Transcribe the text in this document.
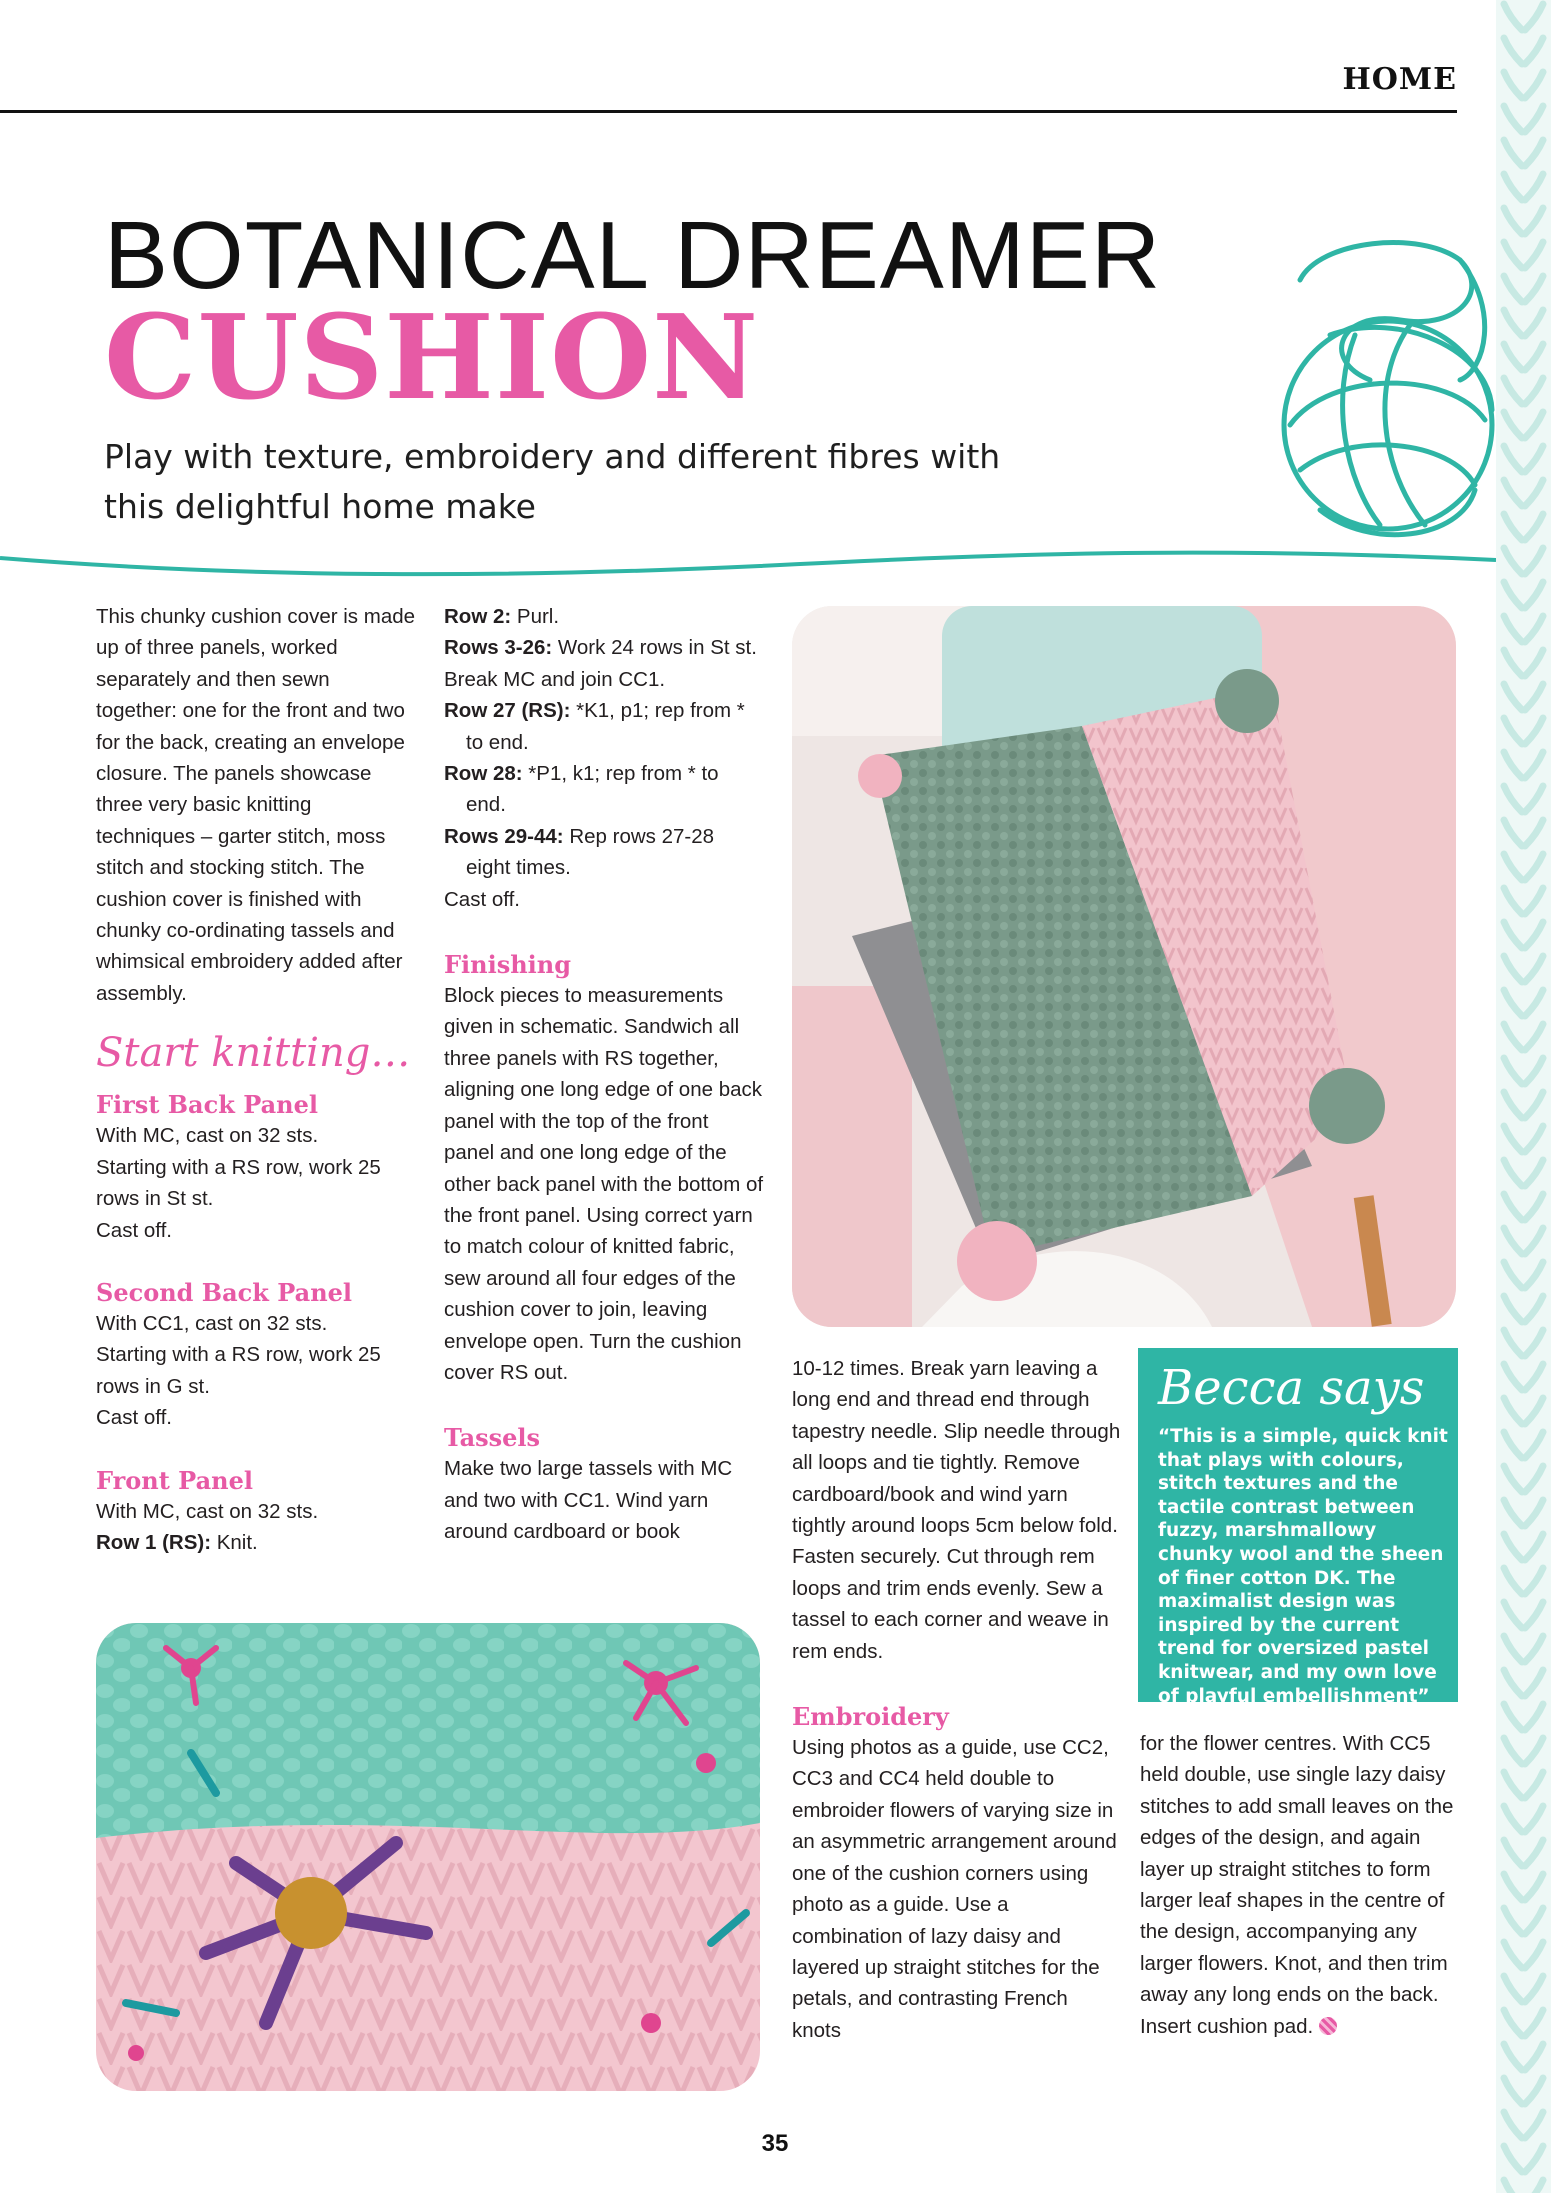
HOME
BOTANICAL DREAMER
CUSHION
Play with texture, embroidery and different fibres with this delightful home make

This chunky cushion cover is made up of three panels, worked separately and then sewn together: one for the front and two for the back, creating an envelope closure. The panels showcase three very basic knitting techniques – garter stitch, moss stitch and stocking stitch. The cushion cover is finished with chunky co-ordinating tassels and whimsical embroidery added after assembly.

Start knitting…

First Back Panel

With MC, cast on 32 sts.

Starting with a RS row, work 25 rows in St st.

Cast off.

Second Back Panel

With CC1, cast on 32 sts.

Starting with a RS row, work 25 rows in G st.

Cast off.

Front Panel

With MC, cast on 32 sts.

Row 1 (RS): Knit.

Row 2: Purl.

Rows 3-26: Work 24 rows in St st.

Break MC and join CC1.

Row 27 (RS): *K1, p1; rep from * to end.

Row 28: *P1, k1; rep from * to end.

Rows 29-44: Rep rows 27-28 eight times.

Cast off.

Finishing

Block pieces to measurements given in schematic. Sandwich all three panels with RS together, aligning one long edge of one back panel with the top of the front panel and one long edge of the other back panel with the bottom of the front panel. Using correct yarn to match colour of knitted fabric, sew around all four edges of the cushion cover to join, leaving envelope open. Turn the cushion cover RS out.

Tassels

Make two large tassels with MC and two with CC1. Wind yarn around cardboard or book

10-12 times. Break yarn leaving a long end and thread end through tapestry needle. Slip needle through all loops and tie tightly. Remove cardboard/book and wind yarn tightly around loops 5cm below fold. Fasten securely. Cut through rem loops and trim ends evenly. Sew a tassel to each corner and weave in rem ends.

Embroidery

Using photos as a guide, use CC2, CC3 and CC4 held double to embroider flowers of varying size in an asymmetric arrangement around one of the cushion corners using photo as a guide. Use a combination of lazy daisy and layered up straight stitches for the petals, and contrasting French knots

Becca says
“This is a simple, quick knit that plays with colours, stitch textures and the tactile contrast between fuzzy, marshmallowy chunky wool and the sheen of finer cotton DK. The maximalist design was inspired by the current trend for oversized pastel knitwear, and my own love of playful embellishment”

for the flower centres. With CC5 held double, use single lazy daisy stitches to add small leaves on the edges of the design, and again layer up straight stitches to form larger leaf shapes in the centre of the design, accompanying any larger flowers. Knot, and then trim away any long ends on the back. Insert cushion pad.

35
